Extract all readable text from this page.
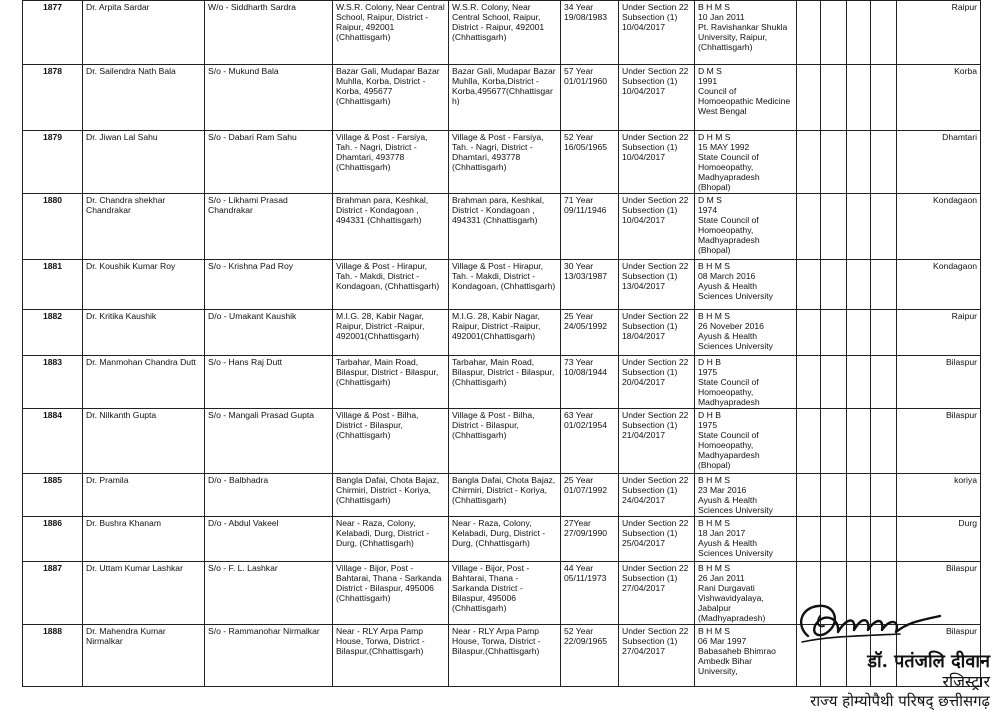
1877	Dr. Arpita Sardar	W/o - Siddharth Sardra	W.S.R. Colony, Near Central School, Raipur, District - Raipur, 492001 (Chhattisgarh)	W.S.R. Colony, Near Central School, Raipur, District - Raipur, 492001 (Chhattisgarh)	34 Year
19/08/1983	Under Section 22
Subsection (1)
10/04/2017	B H M S
10 Jan 2011
Pt. Ravishankar Shukla University, Raipur, (Chhattisgarh)					Raipur
1878	Dr. Sailendra Nath Bala	S/o - Mukund Bala	Bazar Gali, Mudapar Bazar Muhlla, Korba, District - Korba, 495677 (Chhattisgarh)	Bazar Gali, Mudapar Bazar Muhlla, Korba,District - Korba,495677(Chhattisgarh)	57 Year
01/01/1960	Under Section 22
Subsection (1)
10/04/2017	D M S
1991
Council of Homoeopathic Medicine
West Bengal					Korba
1879	Dr. Jiwan Lal Sahu	S/o - Dabari Ram Sahu	Village & Post - Farsiya, Tah. - Nagri, District - Dhamtari, 493778 (Chhattisgarh)	Village & Post - Farsiya, Tah. - Nagri, District - Dhamtari, 493778 (Chhattisgarh)	52 Year
16/05/1965	Under Section 22
Subsection (1)
10/04/2017	D H M S
15 MAY 1992
State Council of Homoeopathy, Madhyapradesh (Bhopal)					Dhamtari
1880	Dr. Chandra shekhar Chandrakar	S/o - Likhami Prasad Chandrakar	Brahman para, Keshkal, District - Kondagoan , 494331 (Chhattisgarh)	Brahman para, Keshkal, District - Kondagoan , 494331 (Chhattisgarh)	71 Year
09/11/1946	Under Section 22
Subsection (1)
10/04/2017	D M S
1974
State Council of Homoeopathy, Madhyapradesh (Bhopal)					Kondagaon
1881	Dr. Koushik Kumar Roy	S/o - Krishna Pad Roy	Village & Post - Hirapur, Tah. - Makdi, District - Kondagoan, (Chhattisgarh)	Village & Post - Hirapur, Tah. - Makdi, District - Kondagoan, (Chhattisgarh)	30 Year
13/03/1987	Under Section 22
Subsection (1)
13/04/2017	B H M S
08 March 2016
Ayush & Health Sciences University					Kondagaon
1882	Dr. Kritika Kaushik	D/o - Umakant Kaushik	M.I.G. 28, Kabir Nagar, Raipur, District -Raipur, 492001(Chhattisgarh)	M.I.G. 28, Kabir Nagar, Raipur, District -Raipur, 492001(Chhattisgarh)	25 Year
24/05/1992	Under Section 22
Subsection (1)
18/04/2017	B H M S
26 Noveber 2016
Ayush & Health Sciences University					Raipur
1883	Dr. Manmohan Chandra Dutt	S/o - Hans Raj Dutt	Tarbahar, Main Road, Bilaspur, District - Bilaspur, (Chhattisgarh)	Tarbahar, Main Road, Bilaspur, District - Bilaspur, (Chhattisgarh)	73 Year
10/08/1944	Under Section 22
Subsection (1)
20/04/2017	D H B
1975
State Council of Homoeopathy, Madhyapradesh					Bilaspur
1884	Dr. Nilkanth Gupta	S/o - Mangali Prasad Gupta	Village & Post - Bilha, District - Bilaspur, (Chhattisgarh)	Village & Post - Bilha, District - Bilaspur, (Chhattisgarh)	63 Year
01/02/1954	Under Section 22
Subsection (1)
21/04/2017	D H B
1975
State Council of Homoeopathy, Madhyapardesh (Bhopal)					Bilaspur
1885	Dr. Pramila	D/o - Balbhadra	Bangla Dafai, Chota Bajaz, Chirmiri, District - Koriya,(Chhattisgarh)	Bangla Dafai, Chota Bajaz, Chirmiri, District - Koriya,(Chhattisgarh)	25 Year
01/07/1992	Under Section 22
Subsection (1)
24/04/2017	B H M S
23 Mar 2016
Ayush & Health Sciences University					koriya
1886	Dr. Bushra Khanam	D/o - Abdul Vakeel	Near - Raza, Colony, Kelabadi, Durg, District - Durg, (Chhattisgarh)	Near - Raza, Colony, Kelabadi, Durg, District - Durg, (Chhattisgarh)	27Year
27/09/1990	Under Section 22
Subsection (1)
25/04/2017	B H M S
18 Jan 2017
Ayush & Health Sciences University					Durg
1887	Dr. Uttam Kumar Lashkar	S/o - F. L. Lashkar	Village - Bijor, Post - Bahtarai, Thana - Sarkanda District - Bilaspur, 495006 (Chhattisgarh)	Village - Bijor, Post - Bahtarai, Thana - Sarkanda District - Bilaspur, 495006 (Chhattisgarh)	44 Year
05/11/1973	Under Section 22
Subsection (1)
27/04/2017	B H M S
26 Jan 2011
Rani Durgavati Vishwavidyalaya, Jabalpur (Madhyapradesh)					Bilaspur
1888	Dr. Mahendra Kumar Nirmalkar	S/o - Rammanohar Nirmalkar	Near - RLY Arpa Pamp House, Torwa, District - Bilaspur,(Chhattisgarh)	Near - RLY Arpa Pamp House, Torwa, District - Bilaspur,(Chhattisgarh)	52 Year
22/09/1965	Under Section 22
Subsection (1)
27/04/2017	B H M S
06 Mar 1997
Babasaheb Bhimrao Ambedk Bihar University,					Bilaspur
डॉ. पतंजलि दीवान
रजिस्ट्रार
राज्य होम्योपैथी परिषद् छत्तीसगढ़
